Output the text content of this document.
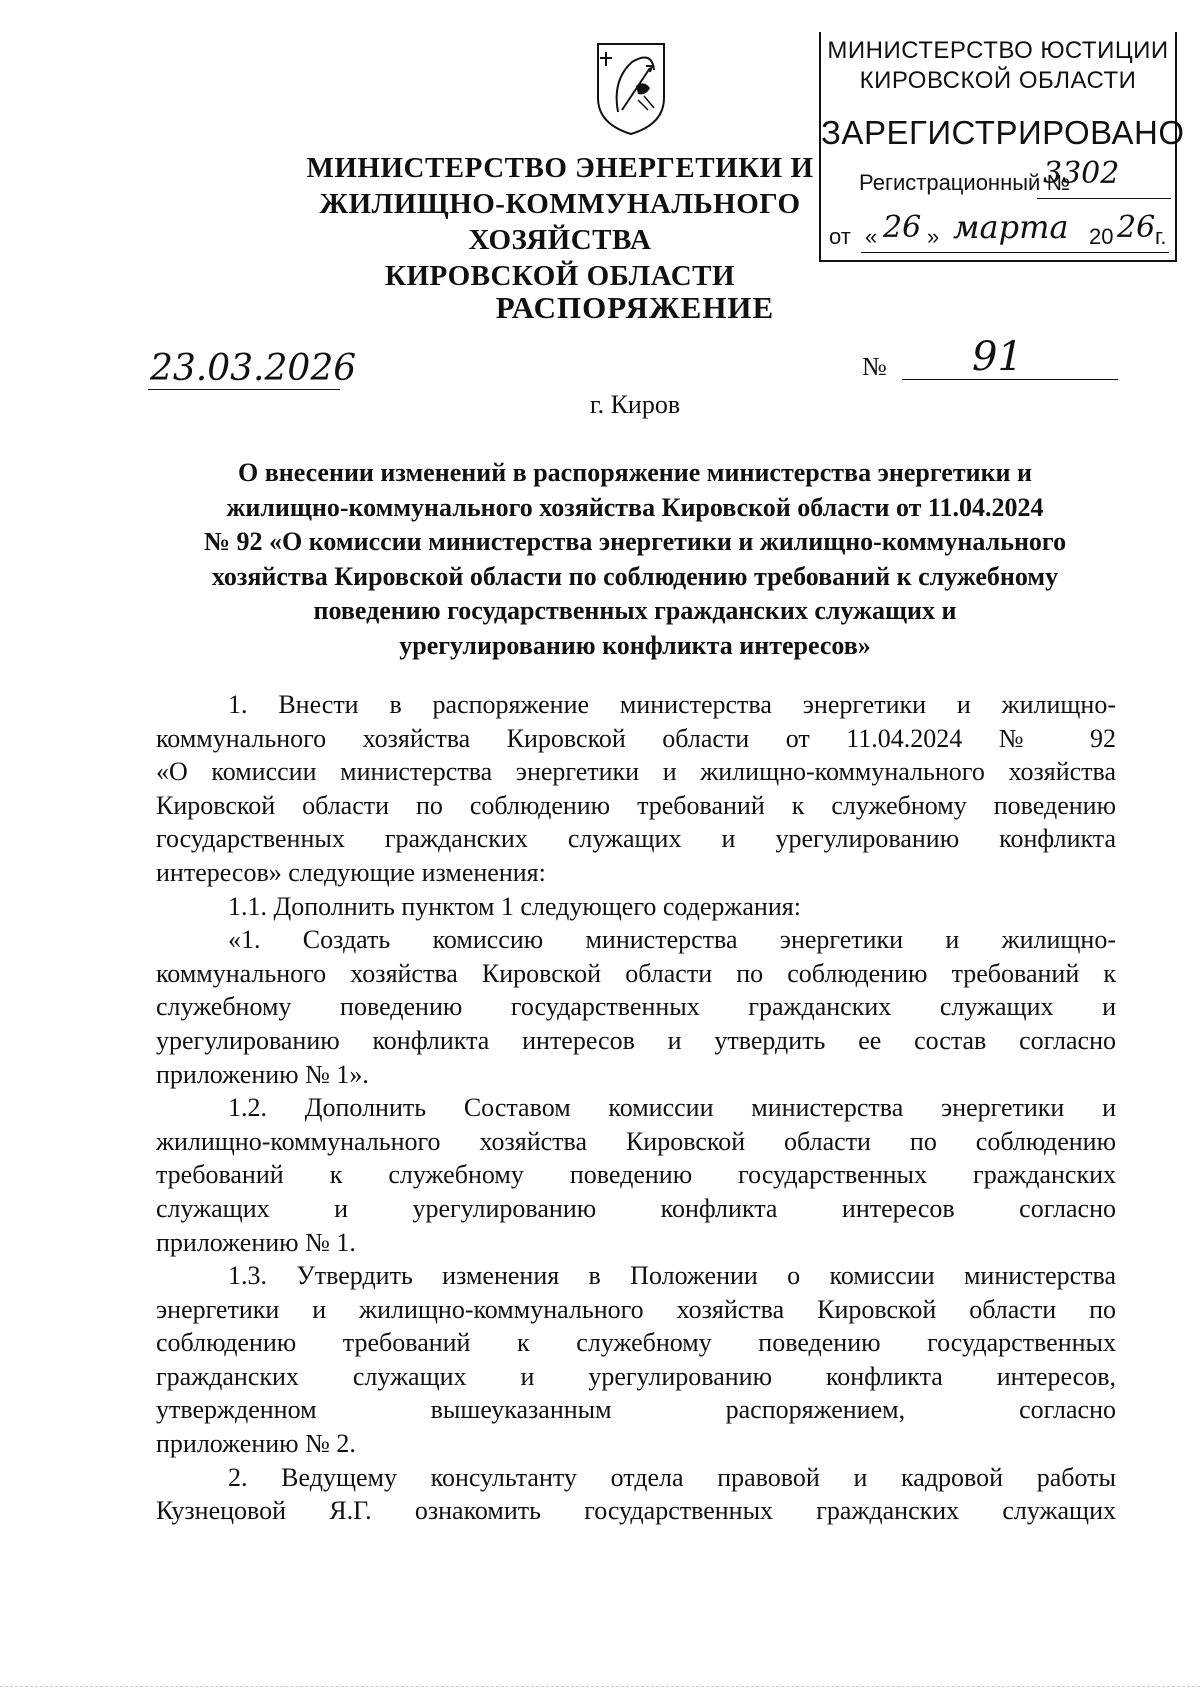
МИНИСТЕРСТВО ЮСТИЦИИ
КИРОВСКОЙ ОБЛАСТИ
ЗАРЕГИСТРИРОВАНО
Регистрационный №
3302
от « 26 » марта 20 26 г.
МИНИСТЕРСТВО ЭНЕРГЕТИКИ И
ЖИЛИЩНО-КОММУНАЛЬНОГО ХОЗЯЙСТВА
КИРОВСКОЙ ОБЛАСТИ
РАСПОРЯЖЕНИЕ
23.03.2026	№ 91
г. Киров
О внесении изменений в распоряжение министерства энергетики и
жилищно-коммунального хозяйства Кировской области от 11.04.2024
№ 92 «О комиссии министерства энергетики и жилищно-коммунального
хозяйства Кировской области по соблюдению требований к служебному
поведению государственных гражданских служащих и
урегулированию конфликта интересов»
1. Внести в распоряжение министерства энергетики и жилищно-
коммунального хозяйства Кировской области от 11.04.2024 № 92
«О комиссии министерства энергетики и жилищно-коммунального хозяйства
Кировской области по соблюдению требований к служебному поведению
государственных гражданских служащих и урегулированию конфликта
интересов» следующие изменения:
1.1. Дополнить пунктом 1 следующего содержания:
«1. Создать комиссию министерства энергетики и жилищно-
коммунального хозяйства Кировской области по соблюдению требований к
служебному поведению государственных гражданских служащих и
урегулированию конфликта интересов и утвердить ее состав согласно
приложению № 1».
1.2. Дополнить Составом комиссии министерства энергетики и
жилищно-коммунального хозяйства Кировской области по соблюдению
требований к служебному поведению государственных гражданских
служащих и урегулированию конфликта интересов согласно
приложению № 1.
1.3. Утвердить изменения в Положении о комиссии министерства
энергетики и жилищно-коммунального хозяйства Кировской области по
соблюдению требований к служебному поведению государственных
гражданских служащих и урегулированию конфликта интересов,
утвержденном вышеуказанным распоряжением, согласно
приложению № 2.
2. Ведущему консультанту отдела правовой и кадровой работы
Кузнецовой Я.Г. ознакомить государственных гражданских служащих
